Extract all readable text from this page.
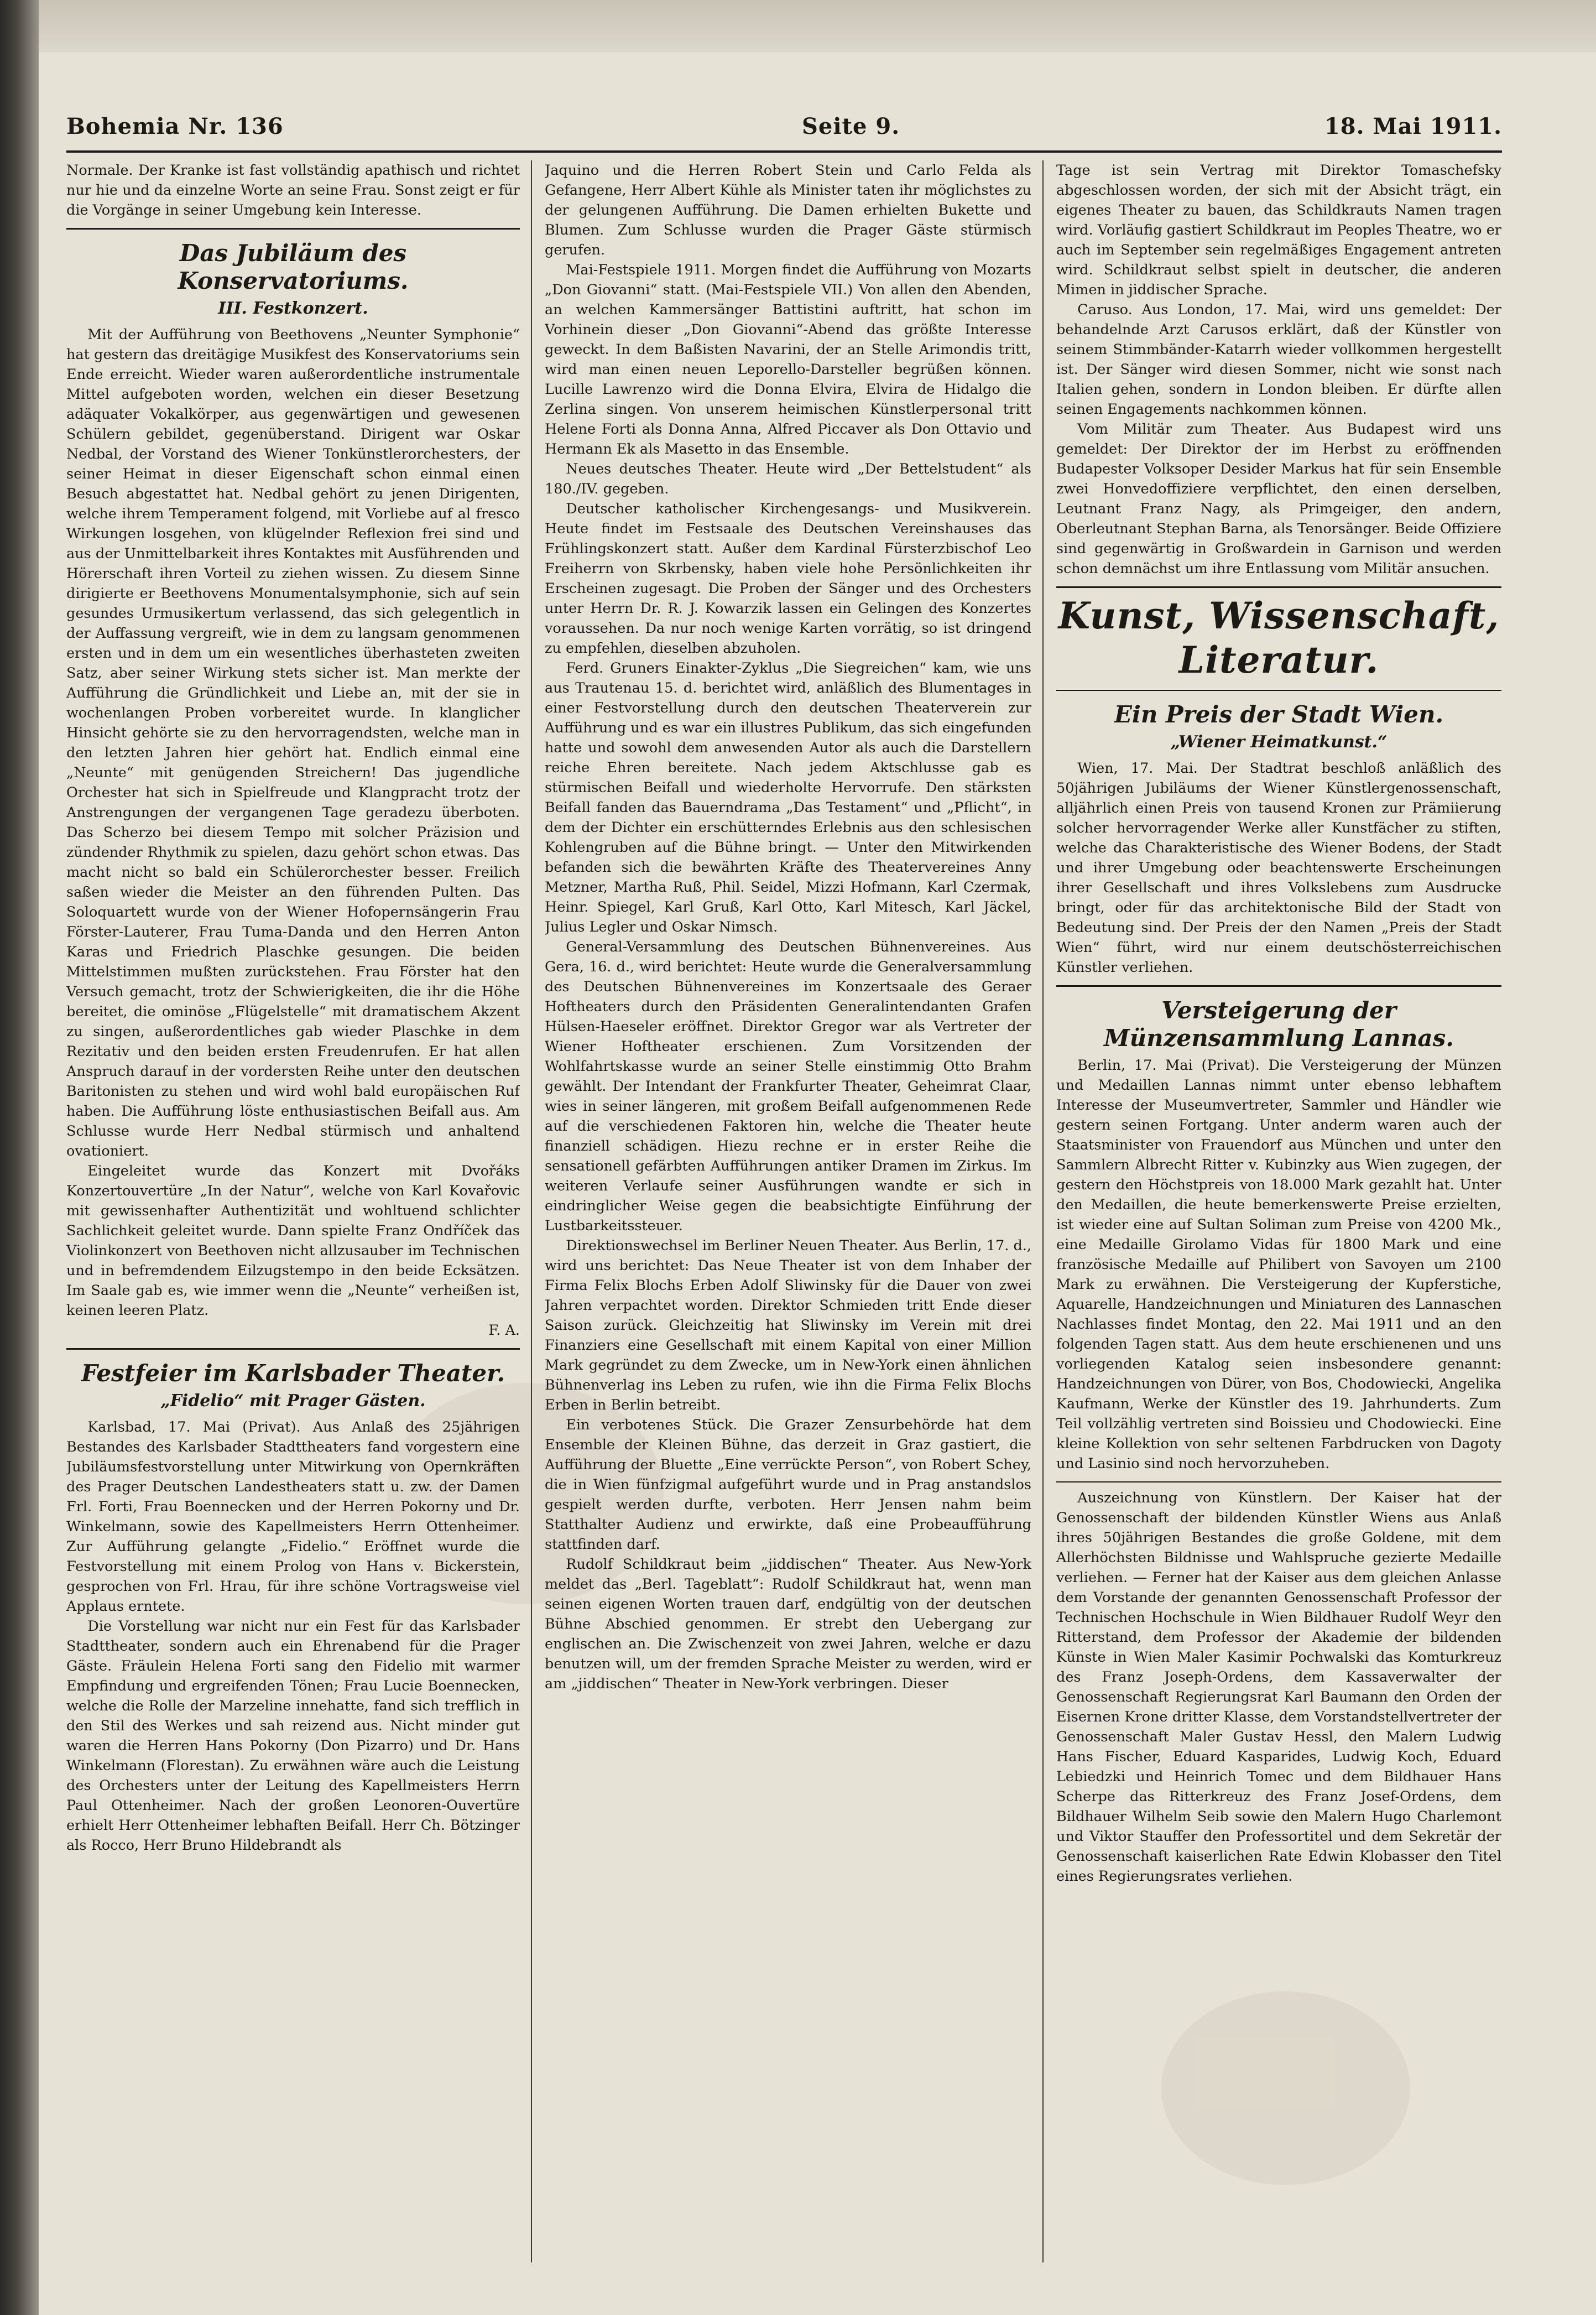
Bohemia Nr. 136	Seite 9.	18. Mai 1911.

Normale. Der Kranke ist fast vollständig apathisch und richtet nur hie und da einzelne Worte an seine Frau. Sonst zeigt er für die Vorgänge in seiner Umgebung kein Interesse.

Das Jubiläum des Konservatoriums.
III. Festkonzert.

Mit der Aufführung von Beethovens „Neunter Symphonie“ hat gestern das dreitägige Musikfest des Konservatoriums sein Ende erreicht. Wieder waren außerordentliche instrumentale Mittel aufgeboten worden, welchen ein dieser Besetzung adäquater Vokalkörper, aus gegenwärtigen und gewesenen Schülern gebildet, gegenüberstand. Dirigent war Oskar Nedbal, der Vorstand des Wiener Tonkünstlerorchesters, der seiner Heimat in dieser Eigenschaft schon einmal einen Besuch abgestattet hat. Nedbal gehört zu jenen Dirigenten, welche ihrem Temperament folgend, mit Vorliebe auf al fresco Wirkungen losgehen, von klügelnder Reflexion frei sind und aus der Unmittelbarkeit ihres Kontaktes mit Ausführenden und Hörerschaft ihren Vorteil zu ziehen wissen. Zu diesem Sinne dirigierte er Beethovens Monumentalsymphonie, sich auf sein gesundes Urmusikertum verlassend, das sich gelegentlich in der Auffassung vergreift, wie in dem zu langsam genommenen ersten und in dem um ein wesentliches überhasteten zweiten Satz, aber seiner Wirkung stets sicher ist. Man merkte der Aufführung die Gründlichkeit und Liebe an, mit der sie in wochenlangen Proben vorbereitet wurde. In klanglicher Hinsicht gehörte sie zu den hervorragendsten, welche man in den letzten Jahren hier gehört hat. Endlich einmal eine „Neunte“ mit genügenden Streichern! Das jugendliche Orchester hat sich in Spielfreude und Klangpracht trotz der Anstrengungen der vergangenen Tage geradezu überboten. Das Scherzo bei diesem Tempo mit solcher Präzision und zündender Rhythmik zu spielen, dazu gehört schon etwas. Das macht nicht so bald ein Schülerorchester besser. Freilich saßen wieder die Meister an den führenden Pulten. Das Soloquartett wurde von der Wiener Hofopernsängerin Frau Förster-Lauterer, Frau Tuma-Danda und den Herren Anton Karas und Friedrich Plaschke gesungen. Die beiden Mittelstimmen mußten zurückstehen. Frau Förster hat den Versuch gemacht, trotz der Schwierigkeiten, die ihr die Höhe bereitet, die ominöse „Flügelstelle“ mit dramatischem Akzent zu singen, außerordentliches gab wieder Plaschke in dem Rezitativ und den beiden ersten Freudenrufen. Er hat allen Anspruch darauf in der vordersten Reihe unter den deutschen Baritonisten zu stehen und wird wohl bald europäischen Ruf haben. Die Aufführung löste enthusiastischen Beifall aus. Am Schlusse wurde Herr Nedbal stürmisch und anhaltend ovationiert.

Eingeleitet wurde das Konzert mit Dvořáks Konzertouvertüre „In der Natur“, welche von Karl Kovařovic mit gewissenhafter Authentizität und wohltuend schlichter Sachlichkeit geleitet wurde. Dann spielte Franz Ondříček das Violinkonzert von Beethoven nicht allzusauber im Technischen und in befremdendem Eilzugstempo in den beide Ecksätzen. Im Saale gab es, wie immer wenn die „Neunte“ verheißen ist, keinen leeren Platz.

F. A.
Festfeier im Karlsbader Theater.
„Fidelio“ mit Prager Gästen.

Karlsbad, 17. Mai (Privat). Aus Anlaß des 25jährigen Bestandes des Karlsbader Stadttheaters fand vorgestern eine Jubiläumsfestvorstellung unter Mitwirkung von Opernkräften des Prager Deutschen Landestheaters statt u. zw. der Damen Frl. Forti, Frau Boennecken und der Herren Pokorny und Dr. Winkelmann, sowie des Kapellmeisters Herrn Ottenheimer. Zur Aufführung gelangte „Fidelio.“ Eröffnet wurde die Festvorstellung mit einem Prolog von Hans v. Bickerstein, gesprochen von Frl. Hrau, für ihre schöne Vortragsweise viel Applaus erntete.

Die Vorstellung war nicht nur ein Fest für das Karlsbader Stadttheater, sondern auch ein Ehrenabend für die Prager Gäste. Fräulein Helena Forti sang den Fidelio mit warmer Empfindung und ergreifenden Tönen; Frau Lucie Boennecken, welche die Rolle der Marzeline innehatte, fand sich trefflich in den Stil des Werkes und sah reizend aus. Nicht minder gut waren die Herren Hans Pokorny (Don Pizarro) und Dr. Hans Winkelmann (Florestan). Zu erwähnen wäre auch die Leistung des Orchesters unter der Leitung des Kapellmeisters Herrn Paul Ottenheimer. Nach der großen Leonoren-Ouvertüre erhielt Herr Ottenheimer lebhaften Beifall. Herr Ch. Bötzinger als Rocco, Herr Bruno Hildebrandt als

Jaquino und die Herren Robert Stein und Carlo Felda als Gefangene, Herr Albert Kühle als Minister taten ihr möglichstes zu der gelungenen Aufführung. Die Damen erhielten Bukette und Blumen. Zum Schlusse wurden die Prager Gäste stürmisch gerufen.

Mai-Festspiele 1911. Morgen findet die Aufführung von Mozarts „Don Giovanni“ statt. (Mai-Festspiele VII.) Von allen den Abenden, an welchen Kammersänger Battistini auftritt, hat schon im Vorhinein dieser „Don Giovanni“-Abend das größte Interesse geweckt. In dem Baßisten Navarini, der an Stelle Arimondis tritt, wird man einen neuen Leporello-Darsteller begrüßen können. Lucille Lawrenzo wird die Donna Elvira, Elvira de Hidalgo die Zerlina singen. Von unserem heimischen Künstlerpersonal tritt Helene Forti als Donna Anna, Alfred Piccaver als Don Ottavio und Hermann Ek als Masetto in das Ensemble.

Neues deutsches Theater. Heute wird „Der Bettelstudent“ als 180./IV. gegeben.

Deutscher katholischer Kirchengesangs- und Musikverein. Heute findet im Festsaale des Deutschen Vereinshauses das Frühlingskonzert statt. Außer dem Kardinal Fürsterzbischof Leo Freiherrn von Skrbensky, haben viele hohe Persönlichkeiten ihr Erscheinen zugesagt. Die Proben der Sänger und des Orchesters unter Herrn Dr. R. J. Kowarzik lassen ein Gelingen des Konzertes voraussehen. Da nur noch wenige Karten vorrätig, so ist dringend zu empfehlen, dieselben abzuholen.

Ferd. Gruners Einakter-Zyklus „Die Siegreichen“ kam, wie uns aus Trautenau 15. d. berichtet wird, anläßlich des Blumentages in einer Festvorstellung durch den deutschen Theaterverein zur Aufführung und es war ein illustres Publikum, das sich eingefunden hatte und sowohl dem anwesenden Autor als auch die Darstellern reiche Ehren bereitete. Nach jedem Aktschlusse gab es stürmischen Beifall und wiederholte Hervorrufe. Den stärksten Beifall fanden das Bauerndrama „Das Testament“ und „Pflicht“, in dem der Dichter ein erschütterndes Erlebnis aus den schlesischen Kohlengruben auf die Bühne bringt. — Unter den Mitwirkenden befanden sich die bewährten Kräfte des Theatervereines Anny Metzner, Martha Ruß, Phil. Seidel, Mizzi Hofmann, Karl Czermak, Heinr. Spiegel, Karl Gruß, Karl Otto, Karl Mitesch, Karl Jäckel, Julius Legler und Oskar Nimsch.

General-Versammlung des Deutschen Bühnenvereines. Aus Gera, 16. d., wird berichtet: Heute wurde die Generalversammlung des Deutschen Bühnenvereines im Konzertsaale des Geraer Hoftheaters durch den Präsidenten Generalintendanten Grafen Hülsen-Haeseler eröffnet. Direktor Gregor war als Vertreter der Wiener Hoftheater erschienen. Zum Vorsitzenden der Wohlfahrtskasse wurde an seiner Stelle einstimmig Otto Brahm gewählt. Der Intendant der Frankfurter Theater, Geheimrat Claar, wies in seiner längeren, mit großem Beifall aufgenommenen Rede auf die verschiedenen Faktoren hin, welche die Theater heute finanziell schädigen. Hiezu rechne er in erster Reihe die sensationell gefärbten Aufführungen antiker Dramen im Zirkus. Im weiteren Verlaufe seiner Ausführungen wandte er sich in eindringlicher Weise gegen die beabsichtigte Einführung der Lustbarkeitssteuer.

Direktionswechsel im Berliner Neuen Theater. Aus Berlin, 17. d., wird uns berichtet: Das Neue Theater ist von dem Inhaber der Firma Felix Blochs Erben Adolf Sliwinsky für die Dauer von zwei Jahren verpachtet worden. Direktor Schmieden tritt Ende dieser Saison zurück. Gleichzeitig hat Sliwinsky im Verein mit drei Finanziers eine Gesellschaft mit einem Kapital von einer Million Mark gegründet zu dem Zwecke, um in New-York einen ähnlichen Bühnenverlag ins Leben zu rufen, wie ihn die Firma Felix Blochs Erben in Berlin betreibt.

Ein verbotenes Stück. Die Grazer Zensurbehörde hat dem Ensemble der Kleinen Bühne, das derzeit in Graz gastiert, die Aufführung der Bluette „Eine verrückte Person“, von Robert Schey, die in Wien fünfzigmal aufgeführt wurde und in Prag anstandslos gespielt werden durfte, verboten. Herr Jensen nahm beim Statthalter Audienz und erwirkte, daß eine Probeaufführung stattfinden darf.

Rudolf Schildkraut beim „jiddischen“ Theater. Aus New-York meldet das „Berl. Tageblatt“: Rudolf Schildkraut hat, wenn man seinen eigenen Worten trauen darf, endgültig von der deutschen Bühne Abschied genommen. Er strebt den Uebergang zur englischen an. Die Zwischenzeit von zwei Jahren, welche er dazu benutzen will, um der fremden Sprache Meister zu werden, wird er am „jiddischen“ Theater in New-York verbringen. Dieser

Tage ist sein Vertrag mit Direktor Tomaschefsky abgeschlossen worden, der sich mit der Absicht trägt, ein eigenes Theater zu bauen, das Schildkrauts Namen tragen wird. Vorläufig gastiert Schildkraut im Peoples Theatre, wo er auch im September sein regelmäßiges Engagement antreten wird. Schildkraut selbst spielt in deutscher, die anderen Mimen in jiddischer Sprache.

Caruso. Aus London, 17. Mai, wird uns gemeldet: Der behandelnde Arzt Carusos erklärt, daß der Künstler von seinem Stimmbänder-Katarrh wieder vollkommen hergestellt ist. Der Sänger wird diesen Sommer, nicht wie sonst nach Italien gehen, sondern in London bleiben. Er dürfte allen seinen Engagements nachkommen können.

Vom Militär zum Theater. Aus Budapest wird uns gemeldet: Der Direktor der im Herbst zu eröffnenden Budapester Volksoper Desider Markus hat für sein Ensemble zwei Honvedoffiziere verpflichtet, den einen derselben, Leutnant Franz Nagy, als Primgeiger, den andern, Oberleutnant Stephan Barna, als Tenorsänger. Beide Offiziere sind gegenwärtig in Großwardein in Garnison und werden schon demnächst um ihre Entlassung vom Militär ansuchen.

Kunst, Wissenschaft, Literatur.
Ein Preis der Stadt Wien.
„Wiener Heimatkunst.“

Wien, 17. Mai. Der Stadtrat beschloß anläßlich des 50jährigen Jubiläums der Wiener Künstlergenossenschaft, alljährlich einen Preis von tausend Kronen zur Prämiierung solcher hervorragender Werke aller Kunstfächer zu stiften, welche das Charakteristische des Wiener Bodens, der Stadt und ihrer Umgebung oder beachtenswerte Erscheinungen ihrer Gesellschaft und ihres Volkslebens zum Ausdrucke bringt, oder für das architektonische Bild der Stadt von Bedeutung sind. Der Preis der den Namen „Preis der Stadt Wien“ führt, wird nur einem deutschösterreichischen Künstler verliehen.

Versteigerung der Münzensammlung Lannas.

Berlin, 17. Mai (Privat). Die Versteigerung der Münzen und Medaillen Lannas nimmt unter ebenso lebhaftem Interesse der Museumvertreter, Sammler und Händler wie gestern seinen Fortgang. Unter anderm waren auch der Staatsminister von Frauendorf aus München und unter den Sammlern Albrecht Ritter v. Kubinzky aus Wien zugegen, der gestern den Höchstpreis von 18.000 Mark gezahlt hat. Unter den Medaillen, die heute bemerkenswerte Preise erzielten, ist wieder eine auf Sultan Soliman zum Preise von 4200 Mk., eine Medaille Girolamo Vidas für 1800 Mark und eine französische Medaille auf Philibert von Savoyen um 2100 Mark zu erwähnen. Die Versteigerung der Kupferstiche, Aquarelle, Handzeichnungen und Miniaturen des Lannaschen Nachlasses findet Montag, den 22. Mai 1911 und an den folgenden Tagen statt. Aus dem heute erschienenen und uns vorliegenden Katalog seien insbesondere genannt: Handzeichnungen von Dürer, von Bos, Chodowiecki, Angelika Kaufmann, Werke der Künstler des 19. Jahrhunderts. Zum Teil vollzählig vertreten sind Boissieu und Chodowiecki. Eine kleine Kollektion von sehr seltenen Farbdrucken von Dagoty und Lasinio sind noch hervorzuheben.

Auszeichnung von Künstlern. Der Kaiser hat der Genossenschaft der bildenden Künstler Wiens aus Anlaß ihres 50jährigen Bestandes die große Goldene, mit dem Allerhöchsten Bildnisse und Wahlspruche gezierte Medaille verliehen. — Ferner hat der Kaiser aus dem gleichen Anlasse dem Vorstande der genannten Genossenschaft Professor der Technischen Hochschule in Wien Bildhauer Rudolf Weyr den Ritterstand, dem Professor der Akademie der bildenden Künste in Wien Maler Kasimir Pochwalski das Komturkreuz des Franz Joseph-Ordens, dem Kassaverwalter der Genossenschaft Regierungsrat Karl Baumann den Orden der Eisernen Krone dritter Klasse, dem Vorstandstellvertreter der Genossenschaft Maler Gustav Hessl, den Malern Ludwig Hans Fischer, Eduard Kasparides, Ludwig Koch, Eduard Lebiedzki und Heinrich Tomec und dem Bildhauer Hans Scherpe das Ritterkreuz des Franz Josef-Ordens, dem Bildhauer Wilhelm Seib sowie den Malern Hugo Charlemont und Viktor Stauffer den Professortitel und dem Sekretär der Genossenschaft kaiserlichen Rate Edwin Klobasser den Titel eines Regierungsrates verliehen.
